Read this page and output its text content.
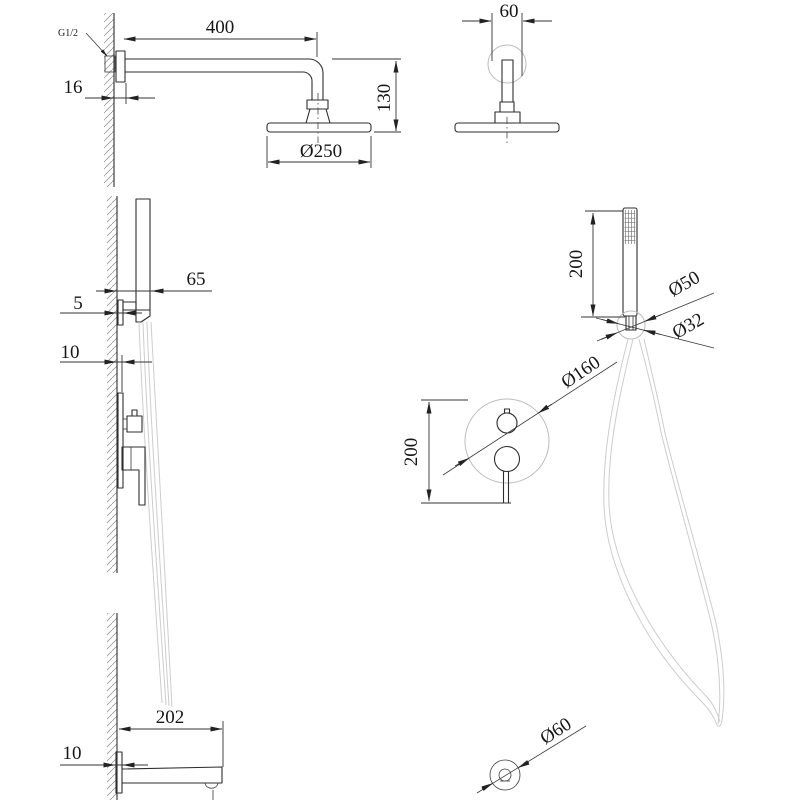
400
16	130
Ø250
G1/2
60
65
5
10
202
10
200
Ø50
Ø32
200
Ø160
Ø60
